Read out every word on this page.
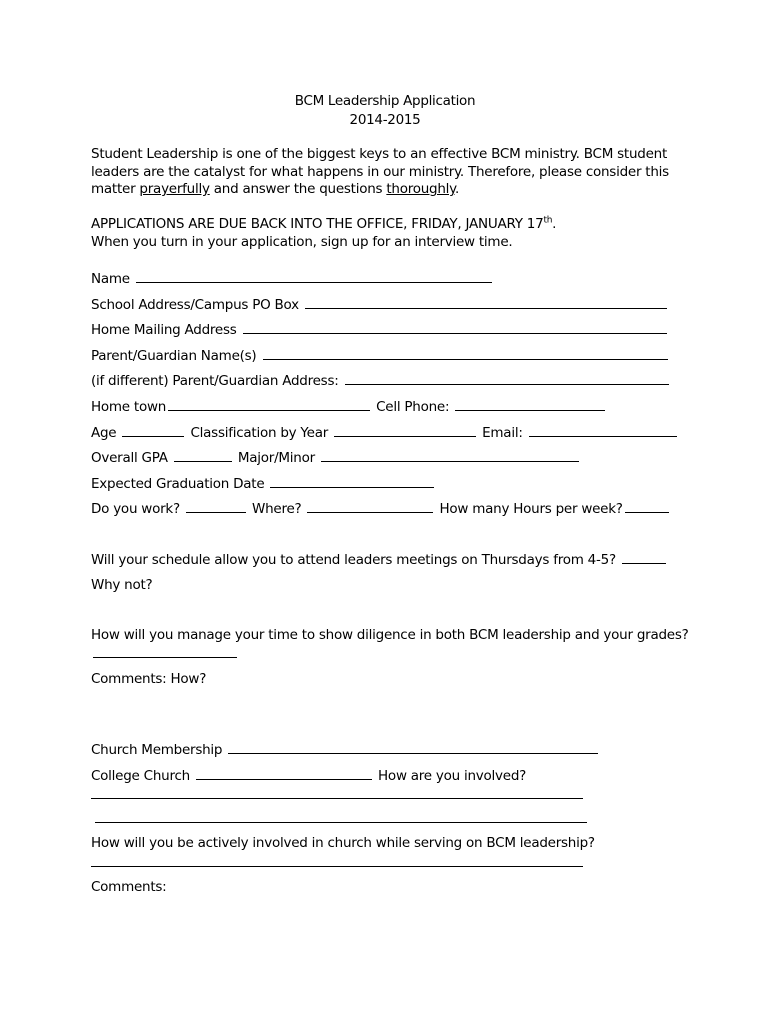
BCM Leadership Application
2014-2015

Student Leadership is one of the biggest keys to an effective BCM ministry. BCM student leaders are the catalyst for what happens in our ministry. Therefore, please consider this matter prayerfully and answer the questions thoroughly.

APPLICATIONS ARE DUE BACK INTO THE OFFICE, FRIDAY, JANUARY 17th.
When you turn in your application, sign up for an interview time.

Name
School Address/Campus PO Box
Home Mailing Address
Parent/Guardian Name(s)
(if different) Parent/Guardian Address:
Home town	Cell Phone:
Age	Classification by Year	Email:
Overall GPA	Major/Minor
Expected Graduation Date
Do you work?	Where?	How many Hours per week?
Will your schedule allow you to attend leaders meetings on Thursdays from 4-5?
Why not?
How will you manage your time to show diligence in both BCM leadership and your grades?
Comments: How?
Church Membership
College Church	How are you involved?
How will you be actively involved in church while serving on BCM leadership?
Comments:
